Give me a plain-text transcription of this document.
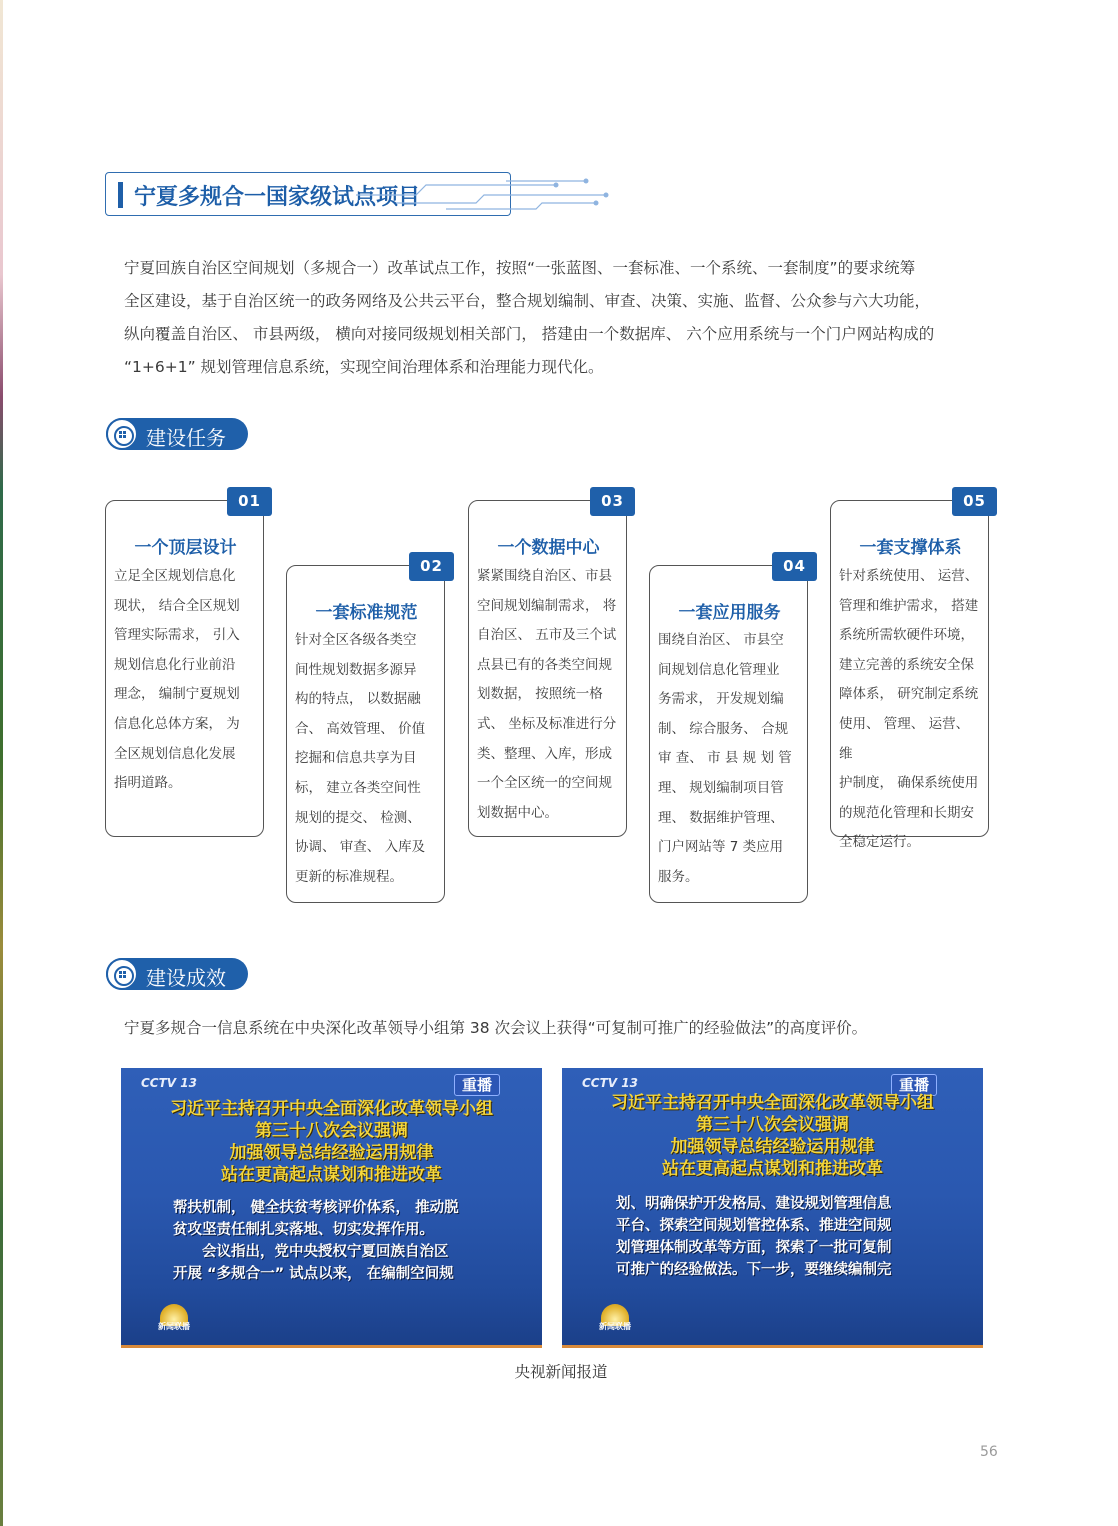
宁夏多规合一国家级试点项目

宁夏回族自治区空间规划（多规合一）改革试点工作，按照“一张蓝图、一套标准、一个系统、一套制度”的要求统筹

全区建设，基于自治区统一的政务网络及公共云平台，整合规划编制、审查、决策、实施、监督、公众参与六大功能，

纵向覆盖自治区、 市县两级， 横向对接同级规划相关部门， 搭建由一个数据库、 六个应用系统与一个门户网站构成的

“1+6+1” 规划管理信息系统，实现空间治理体系和治理能力现代化。

建设任务
01
一个顶层设计
立足全区规划信息化
现状， 结合全区规划
管理实际需求， 引入
规划信息化行业前沿
理念， 编制宁夏规划
信息化总体方案， 为
全区规划信息化发展
指明道路。
02
一套标准规范
针对全区各级各类空
间性规划数据多源异
构的特点， 以数据融
合、 高效管理、 价值
挖掘和信息共享为目
标， 建立各类空间性
规划的提交、 检测、
协调、 审查、 入库及
更新的标准规程。
03
一个数据中心
紧紧围绕自治区、市县
空间规划编制需求， 将
自治区、 五市及三个试
点县已有的各类空间规
划数据， 按照统一格
式、 坐标及标准进行分
类、整理、入库，形成
一个全区统一的空间规
划数据中心。
04
一套应用服务
围绕自治区、 市县空
间规划信息化管理业
务需求， 开发规划编
制、 综合服务、 合规
审 查、 市 县 规 划 管
理、 规划编制项目管
理、 数据维护管理、
门户网站等 7 类应用
服务。
05
一套支撑体系
针对系统使用、 运营、
管理和维护需求， 搭建
系统所需软硬件环境，
建立完善的系统安全保
障体系， 研究制定系统
使用、 管理、 运营、 维
护制度， 确保系统使用
的规范化管理和长期安
全稳定运行。
建设成效
宁夏多规合一信息系统在中央深化改革领导小组第 38 次会议上获得“可复制可推广的经验做法”的高度评价。
CCTV 13	重播
习近平主持召开中央全面深化改革领导小组
第三十八次会议强调
加强领导总结经验运用规律
站在更高起点谋划和推进改革
帮扶机制， 健全扶贫考核评价体系， 推动脱
贫攻坚责任制扎实落地、切实发挥作用。
　　会议指出，党中央授权宁夏回族自治区
开展 “多规合一” 试点以来， 在编制空间规
新闻联播
CCTV 13	重播
习近平主持召开中央全面深化改革领导小组
第三十八次会议强调
加强领导总结经验运用规律
站在更高起点谋划和推进改革
划、明确保护开发格局、建设规划管理信息
平台、探索空间规划管控体系、推进空间规
划管理体制改革等方面，探索了一批可复制
可推广的经验做法。下一步，要继续编制完
新闻联播
央视新闻报道
56
